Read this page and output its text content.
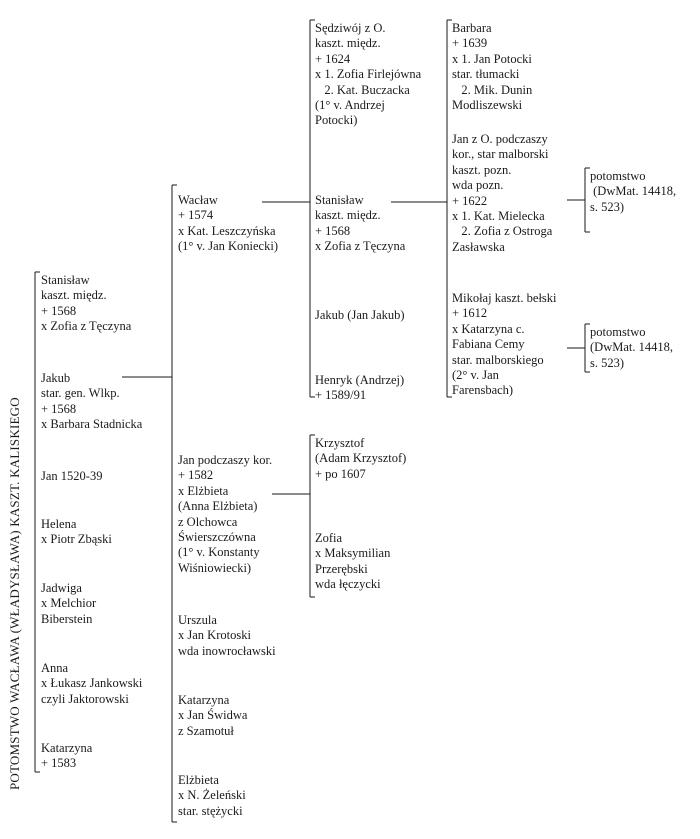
POTOMSTWO WACŁAWA (WŁADYSŁAWA) KASZT. KALISKIEGO
Stanisław
kaszt. międz.
+ 1568
x Zofia z Tęczyna
Jakub
star. gen. Wlkp.
+ 1568
x Barbara Stadnicka
Jan 1520-39
Helena
x Piotr Zbąski
Jadwiga
x Melchior
Biberstein
Anna
x Łukasz Jankowski
czyli Jaktorowski
Katarzyna
+ 1583
Wacław
+ 1574
x Kat. Leszczyńska
(1° v. Jan Koniecki)
Jan podczaszy kor.
+ 1582
x Elżbieta
(Anna Elżbieta)
z Olchowca
Świerszczówna
(1° v. Konstanty
Wiśniowiecki)
Urszula
x Jan Krotoski
wda inowrocławski
Katarzyna
x Jan Świdwa
z Szamotuł
Elżbieta
x N. Żeleński
star. stężycki
Sędziwój z O.
kaszt. międz.
+ 1624
x 1. Zofia Firlejówna
2. Kat. Buczacka
(1° v. Andrzej
Potocki)
Stanisław
kaszt. międz.
+ 1568
x Zofia z Tęczyna
Jakub (Jan Jakub)
Henryk (Andrzej)
+ 1589/91
Krzysztof
(Adam Krzysztof)
+ po 1607
Zofia
x Maksymilian
Przerębski
wda łęczycki
Barbara
+ 1639
x 1. Jan Potocki
star. tłumacki
2. Mik. Dunin
Modliszewski
Jan z O. podczaszy
kor., star malborski
kaszt. pozn.
wda pozn.
+ 1622
x 1. Kat. Mielecka
2. Zofia z Ostroga
Zasławska
Mikołaj kaszt. bełski
+ 1612
x Katarzyna c.
Fabiana Cemy
star. malborskiego
(2° v. Jan
Farensbach)
potomstwo
(DwMat. 14418,
s. 523)
potomstwo
(DwMat. 14418,
s. 523)
